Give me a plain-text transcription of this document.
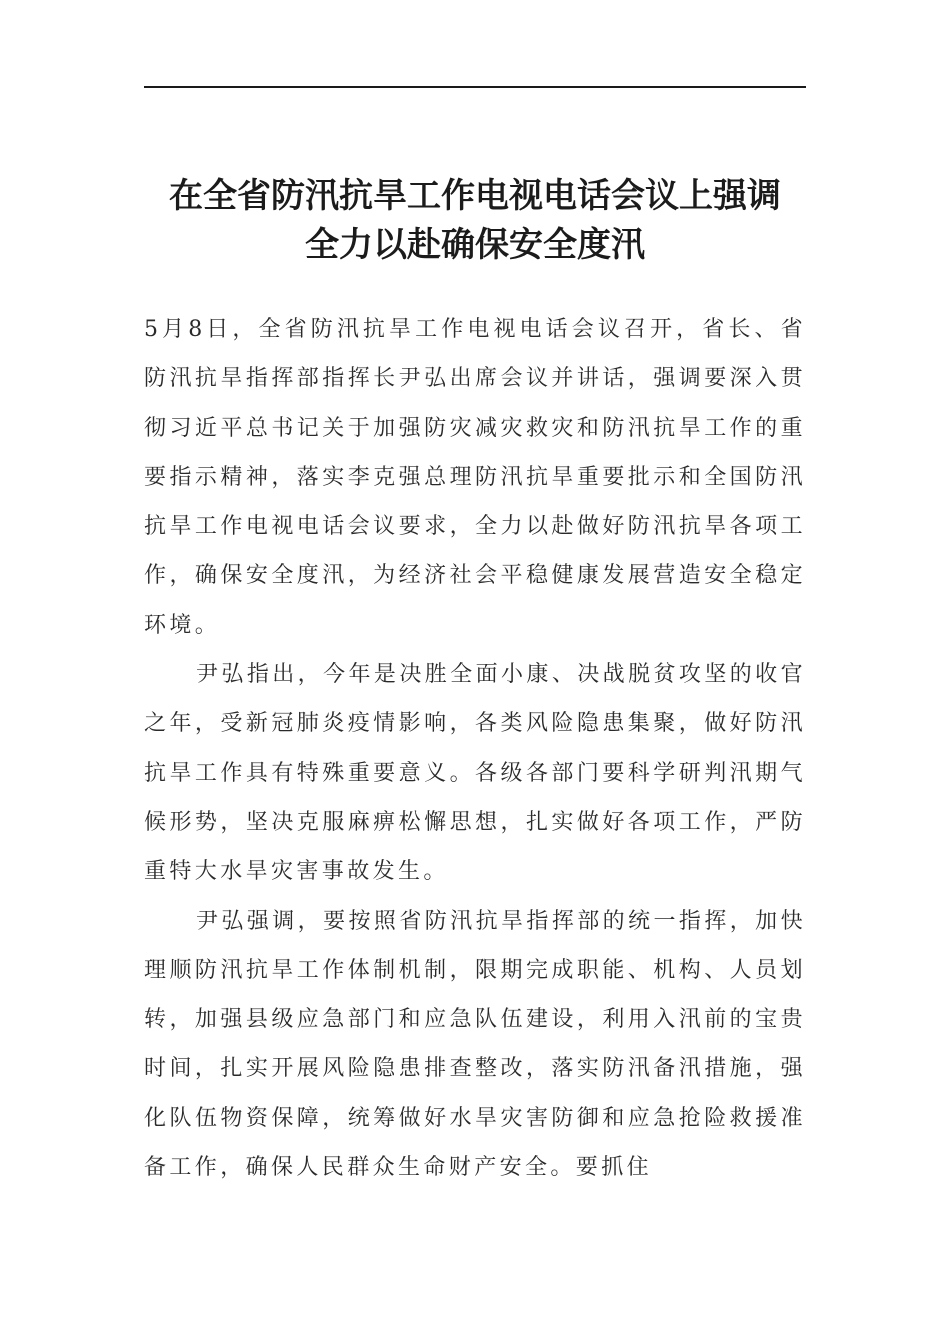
在全省防汛抗旱工作电视电话会议上强调
全力以赴确保安全度汛

5月8日，全省防汛抗旱工作电视电话会议召开，省长、省防汛抗旱指挥部指挥长尹弘出席会议并讲话，强调要深入贯彻习近平总书记关于加强防灾减灾救灾和防汛抗旱工作的重要指示精神，落实李克强总理防汛抗旱重要批示和全国防汛抗旱工作电视电话会议要求，全力以赴做好防汛抗旱各项工作，确保安全度汛，为经济社会平稳健康发展营造安全稳定环境。

尹弘指出，今年是决胜全面小康、决战脱贫攻坚的收官之年，受新冠肺炎疫情影响，各类风险隐患集聚，做好防汛抗旱工作具有特殊重要意义。各级各部门要科学研判汛期气候形势，坚决克服麻痹松懈思想，扎实做好各项工作，严防重特大水旱灾害事故发生。

尹弘强调，要按照省防汛抗旱指挥部的统一指挥，加快理顺防汛抗旱工作体制机制，限期完成职能、机构、人员划转，加强县级应急部门和应急队伍建设，利用入汛前的宝贵时间，扎实开展风险隐患排查整改，落实防汛备汛措施，强化队伍物资保障，统筹做好水旱灾害防御和应急抢险救援准备工作，确保人民群众生命财产安全。要抓住
